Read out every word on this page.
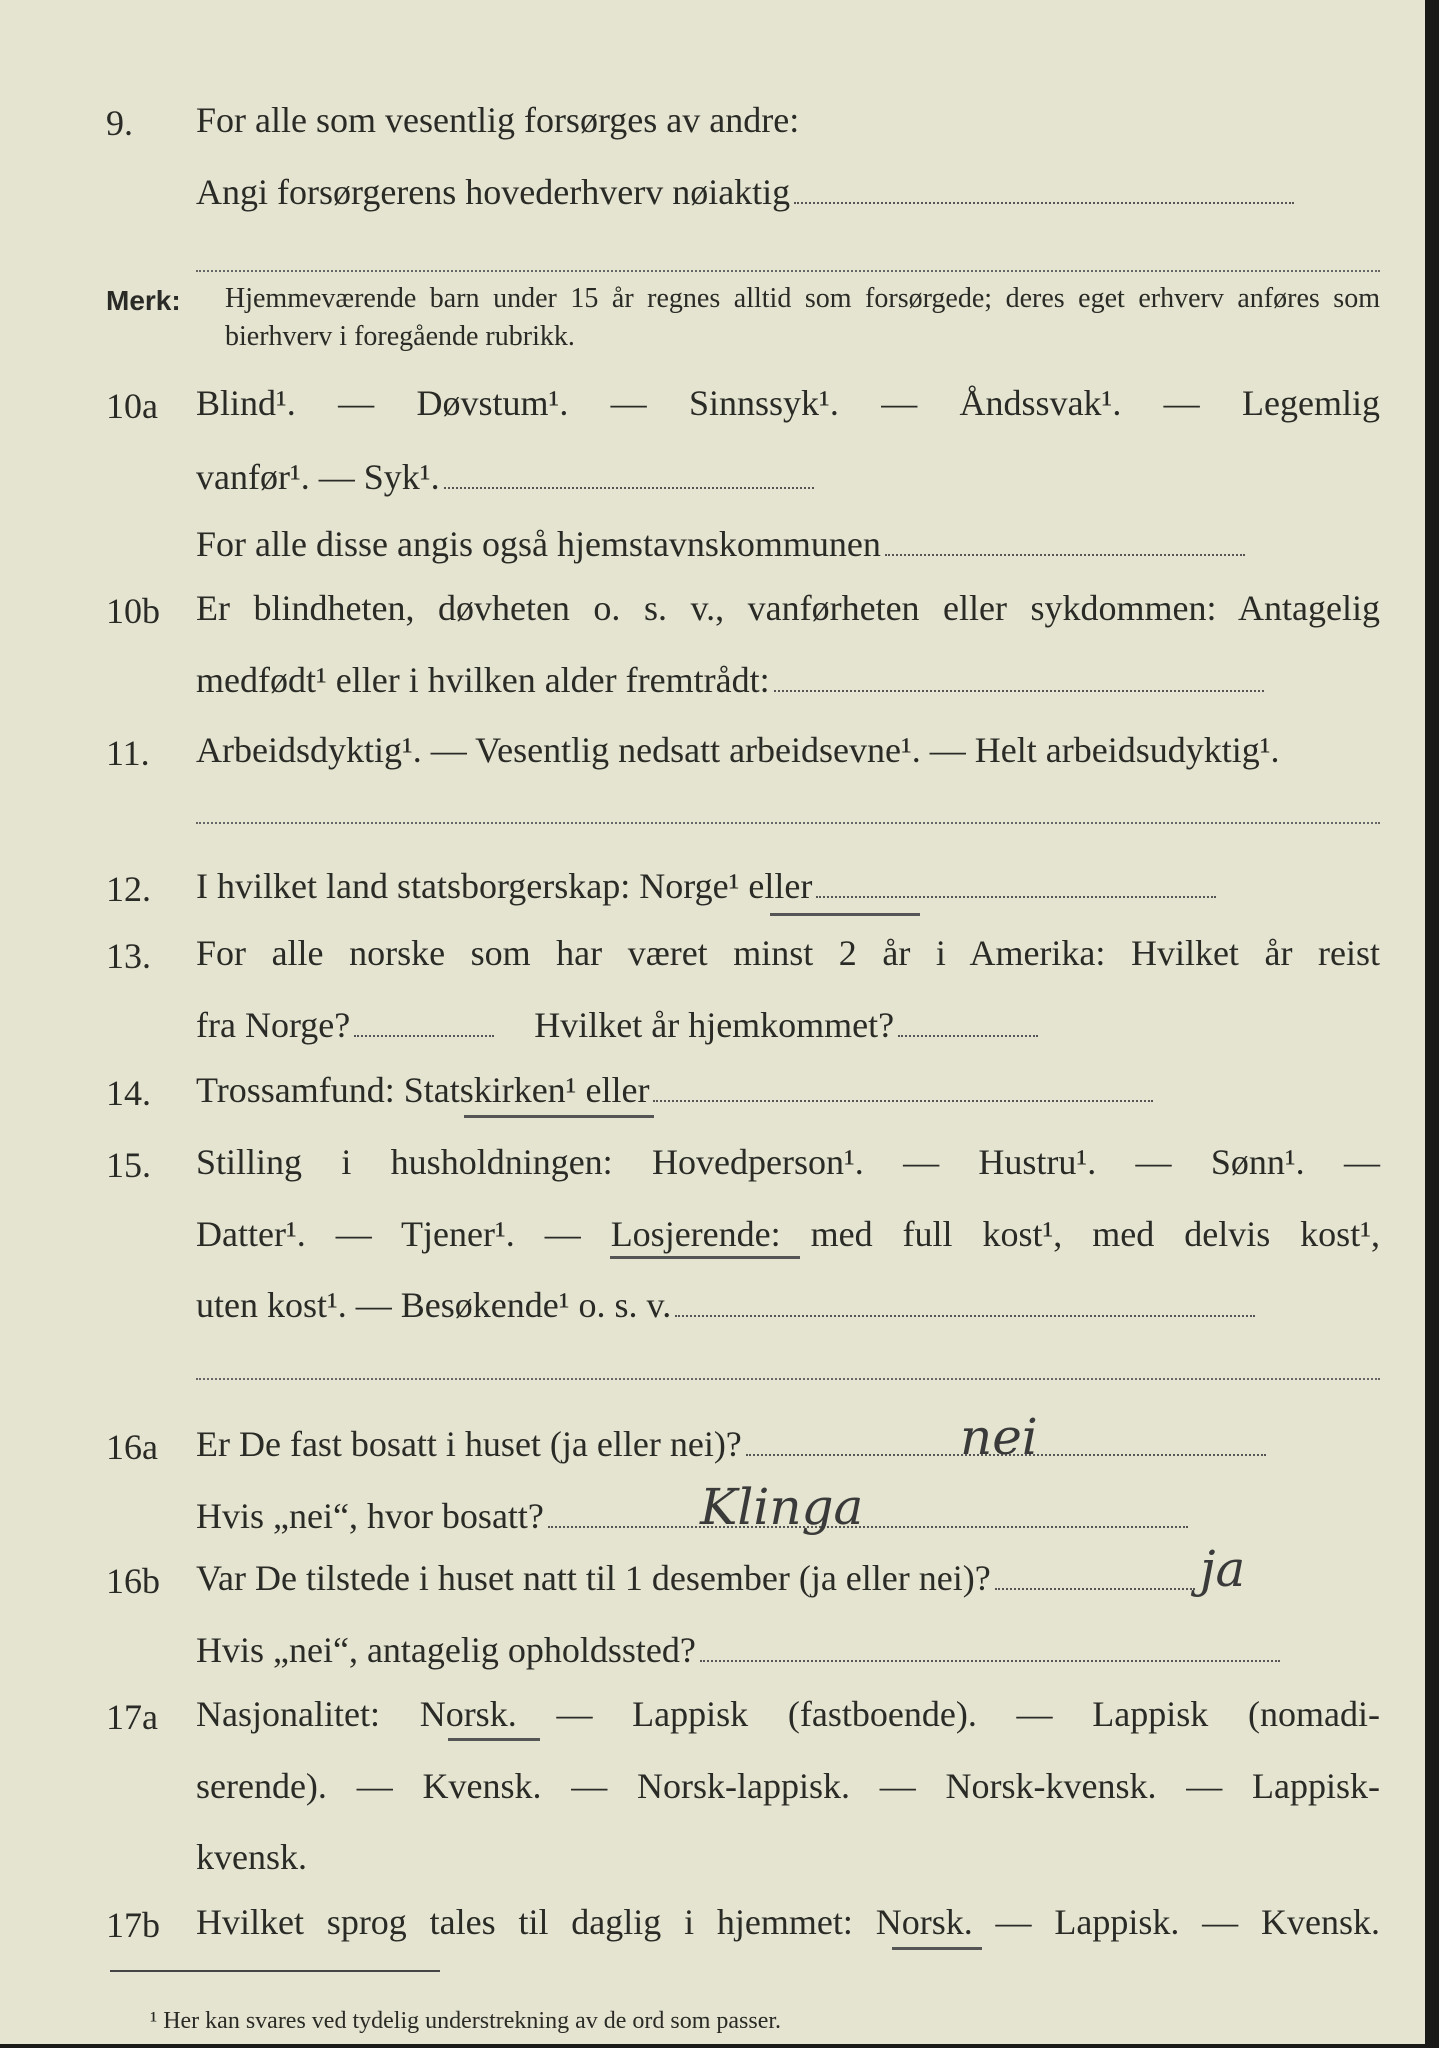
9. For alle som vesentlig forsørges av andre:
Angi forsørgerens hovederhverv nøiaktig
Merk: Hjemmeværende barn under 15 år regnes alltid som forsørgede; deres eget erhverv anføres som bierhverv i foregående rubrikk.
10a Blind¹. — Døvstum¹. — Sinnssyk¹. — Åndssvak¹. — Legemlig
vanfør¹. — Syk¹.
For alle disse angis også hjemstavnskommunen
10b Er blindheten, døvheten o. s. v., vanførheten eller sykdommen: Antagelig
medfødt¹ eller i hvilken alder fremtrådt:
11. Arbeidsdyktig¹. — Vesentlig nedsatt arbeidsevne¹. — Helt arbeidsudyktig¹.
12. I hvilket land statsborgerskap: Norge¹ eller
13. For alle norske som har været minst 2 år i Amerika: Hvilket år reist
fra Norge?	Hvilket år hjemkommet?
14. Trossamfund: Statskirken¹ eller
15. Stilling i husholdningen: Hovedperson¹. — Hustru¹. — Sønn¹. —
Datter¹. — Tjener¹. — Losjerende: med full kost¹, med delvis kost¹,
uten kost¹. — Besøkende¹ o. s. v.
16a Er De fast bosatt i huset (ja eller nei)?	nei
Hvis „nei“, hvor bosatt?	Klinga
16b Var De tilstede i huset natt til 1 desember (ja eller nei)?	ja
Hvis „nei“, antagelig opholdssted?
17a Nasjonalitet: Norsk. — Lappisk (fastboende). — Lappisk (nomadi-
serende). — Kvensk. — Norsk-lappisk. — Norsk-kvensk. — Lappisk-
kvensk.
17b Hvilket sprog tales til daglig i hjemmet: Norsk. — Lappisk. — Kvensk.
¹ Her kan svares ved tydelig understrekning av de ord som passer.
